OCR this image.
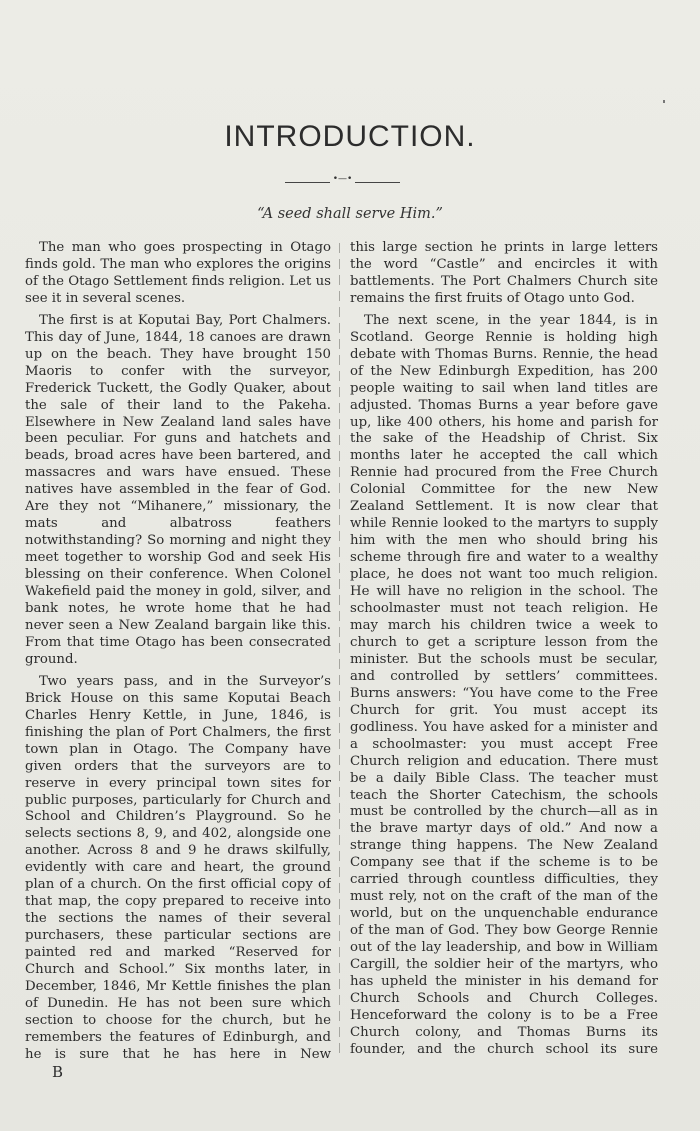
INTRODUCTION.
•—•
“A seed shall serve Him.”

The man who goes prospecting in Otago finds gold. The man who explores the origins of the Otago Settlement finds religion. Let us see it in several scenes.

The first is at Koputai Bay, Port Chalmers. This day of June, 1844, 18 canoes are drawn up on the beach. They have brought 150 Maoris to confer with the surveyor, Frederick Tuckett, the Godly Quaker, about the sale of their land to the Pakeha. Elsewhere in New Zealand land sales have been peculiar. For guns and hatchets and beads, broad acres have been bartered, and massacres and wars have ensued. These natives have assembled in the fear of God. Are they not “Mihanere,” missionary, the mats and albatross feathers notwithstanding? So morning and night they meet together to worship God and seek His blessing on their conference. When Colonel Wakefield paid the money in gold, silver, and bank notes, he wrote home that he had never seen a New Zealand bargain like this. From that time Otago has been consecrated ground.

Two years pass, and in the Surveyor’s Brick House on this same Koputai Beach Charles Henry Kettle, in June, 1846, is finishing the plan of Port Chalmers, the first town plan in Otago. The Company have given orders that the surveyors are to reserve in every principal town sites for public purposes, particularly for Church and School and Children’s Playground. So he selects sections 8, 9, and 402, alongside one another. Across 8 and 9 he draws skilfully, evidently with care and heart, the ground plan of a church. On the first official copy of that map, the copy prepared to receive into the sections the names of their several purchasers, these particular sections are painted red and marked “Reserved for Church and School.” Six months later, in December, 1846, Mr Kettle finishes the plan of Dunedin. He has not been sure which section to choose for the church, but he remembers the features of Edinburgh, and he is sure that he has here in New

this large section he prints in large letters the word “Castle” and encircles it with battlements. The Port Chalmers Church site remains the first fruits of Otago unto God.

The next scene, in the year 1844, is in Scotland. George Rennie is holding high debate with Thomas Burns. Rennie, the head of the New Edinburgh Expedition, has 200 people waiting to sail when land titles are adjusted. Thomas Burns a year before gave up, like 400 others, his home and parish for the sake of the Headship of Christ. Six months later he accepted the call which Rennie had procured from the Free Church Colonial Committee for the new New Zealand Settlement. It is now clear that while Rennie looked to the martyrs to supply him with the men who should bring his scheme through fire and water to a wealthy place, he does not want too much religion. He will have no religion in the school. The schoolmaster must not teach religion. He may march his children twice a week to church to get a scripture lesson from the minister. But the schools must be secular, and controlled by settlers’ committees. Burns answers: “You have come to the Free Church for grit. You must accept its godliness. You have asked for a minister and a schoolmaster: you must accept Free Church religion and education. There must be a daily Bible Class. The teacher must teach the Shorter Catechism, the schools must be controlled by the church—all as in the brave martyr days of old.” And now a strange thing happens. The New Zealand Company see that if the scheme is to be carried through countless difficulties, they must rely, not on the craft of the man of the world, but on the unquenchable endurance of the man of God. They bow George Rennie out of the lay leadership, and bow in William Cargill, the soldier heir of the martyrs, who has upheld the minister in his demand for Church Schools and Church Colleges. Henceforward the colony is to be a Free Church colony, and Thomas Burns its founder, and the church school its sure

B
